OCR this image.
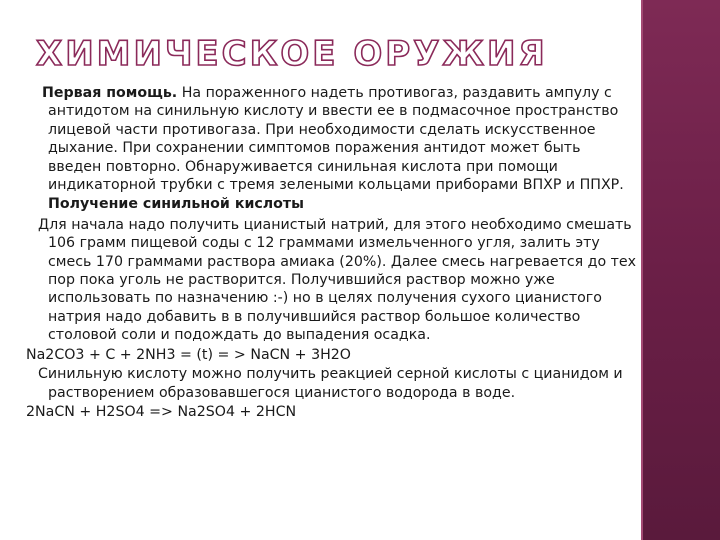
ХИМИЧЕСКОЕ ОРУЖИЯ

Первая помощь. На пораженного надеть противогаз, раздавить ампулу с антидотом на синильную кислоту и ввести ее в подмасочное пространство лицевой части противогаза. При необходимости сделать искусственное дыхание. При сохранении симптомов поражения антидот может быть введен повторно. Обнаруживается синильная кислота при помощи индикаторной трубки с тремя зелеными кольцами приборами ВПХР и ППХР.

Получение синильной кислоты

Для начала надо получить цианистый натрий, для этого необходимо смешать 106 грамм пищевой соды с 12 граммами измельченного угля, залить эту смесь 170 граммами раствора амиака (20%). Далее смесь нагревается до тех пор пока уголь не растворится. Получившийся раствор можно уже использовать по назначению :-) но в целях получения сухого цианистого натрия надо добавить в в получившийся раствор большое количество столовой соли и подождать до выпадения осадка.

Na2CO3 + C + 2NH3 = (t) = > NaCN + 3H2O

Синильную кислоту можно получить реакцией серной кислоты с цианидом и растворением образовавшегося цианистого водорода в воде.

2NaCN + H2SO4 => Na2SO4 + 2HCN
